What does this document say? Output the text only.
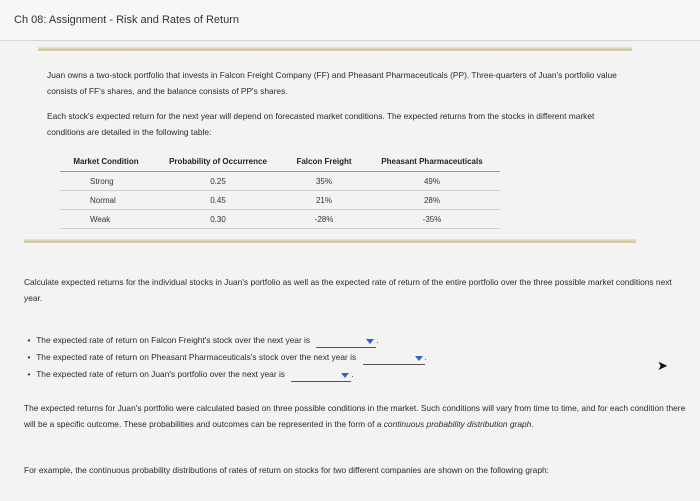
Ch 08: Assignment - Risk and Rates of Return
Juan owns a two-stock portfolio that invests in Falcon Freight Company (FF) and Pheasant Pharmaceuticals (PP). Three-quarters of Juan's portfolio value consists of FF's shares, and the balance consists of PP's shares.
Each stock's expected return for the next year will depend on forecasted market conditions. The expected returns from the stocks in different market conditions are detailed in the following table:
Market Condition	Probability of Occurrence	Falcon Freight	Pheasant Pharmaceuticals
Strong	0.25	35%	49%
Normal	0.45	21%	28%
Weak	0.30	-28%	-35%
Calculate expected returns for the individual stocks in Juan's portfolio as well as the expected rate of return of the entire portfolio over the three possible market conditions next year.
• The expected rate of return on Falcon Freight's stock over the next year is	.
• The expected rate of return on Pheasant Pharmaceuticals's stock over the next year is	.
• The expected rate of return on Juan's portfolio over the next year is	.
➤
The expected returns for Juan's portfolio were calculated based on three possible conditions in the market. Such conditions will vary from time to time, and for each condition there will be a specific outcome. These probabilities and outcomes can be represented in the form of a continuous probability distribution graph.
For example, the continuous probability distributions of rates of return on stocks for two different companies are shown on the following graph:
